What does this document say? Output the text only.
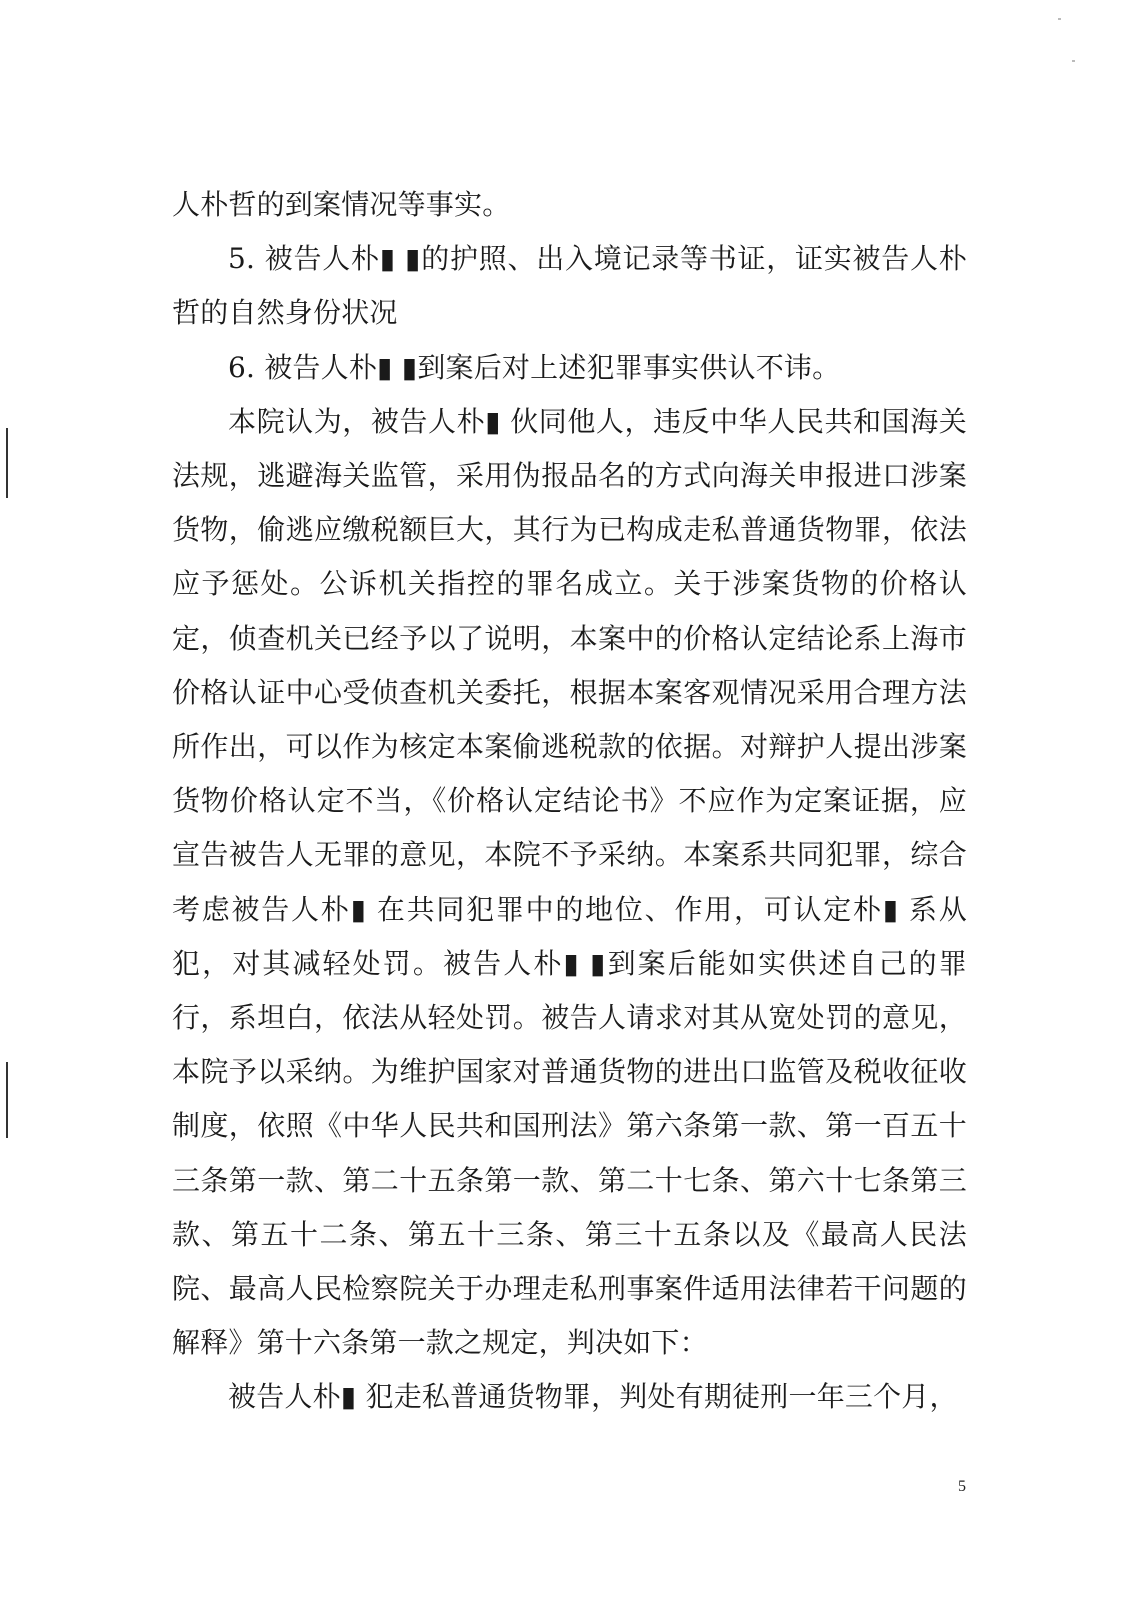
人朴哲的到案情况等事实。

5. 被告人朴▮ ▮的护照、出入境记录等书证，证实被告人朴哲的自然身份状况

6. 被告人朴▮ ▮到案后对上述犯罪事实供认不讳。

本院认为，被告人朴▮ 伙同他人，违反中华人民共和国海关法规，逃避海关监管，采用伪报品名的方式向海关申报进口涉案货物，偷逃应缴税额巨大，其行为已构成走私普通货物罪，依法应予惩处。公诉机关指控的罪名成立。关于涉案货物的价格认定，侦查机关已经予以了说明，本案中的价格认定结论系上海市价格认证中心受侦查机关委托，根据本案客观情况采用合理方法所作出，可以作为核定本案偷逃税款的依据。对辩护人提出涉案货物价格认定不当，《价格认定结论书》不应作为定案证据，应宣告被告人无罪的意见，本院不予采纳。本案系共同犯罪，综合考虑被告人朴▮ 在共同犯罪中的地位、作用，可认定朴▮ 系从犯，对其减轻处罚。被告人朴▮ ▮到案后能如实供述自己的罪行，系坦白，依法从轻处罚。被告人请求对其从宽处罚的意见，本院予以采纳。为维护国家对普通货物的进出口监管及税收征收制度，依照《中华人民共和国刑法》第六条第一款、第一百五十三条第一款、第二十五条第一款、第二十七条、第六十七条第三款、第五十二条、第五十三条、第三十五条以及《最高人民法院、最高人民检察院关于办理走私刑事案件适用法律若干问题的解释》第十六条第一款之规定，判决如下：

被告人朴▮ 犯走私普通货物罪，判处有期徒刑一年三个月，

5
